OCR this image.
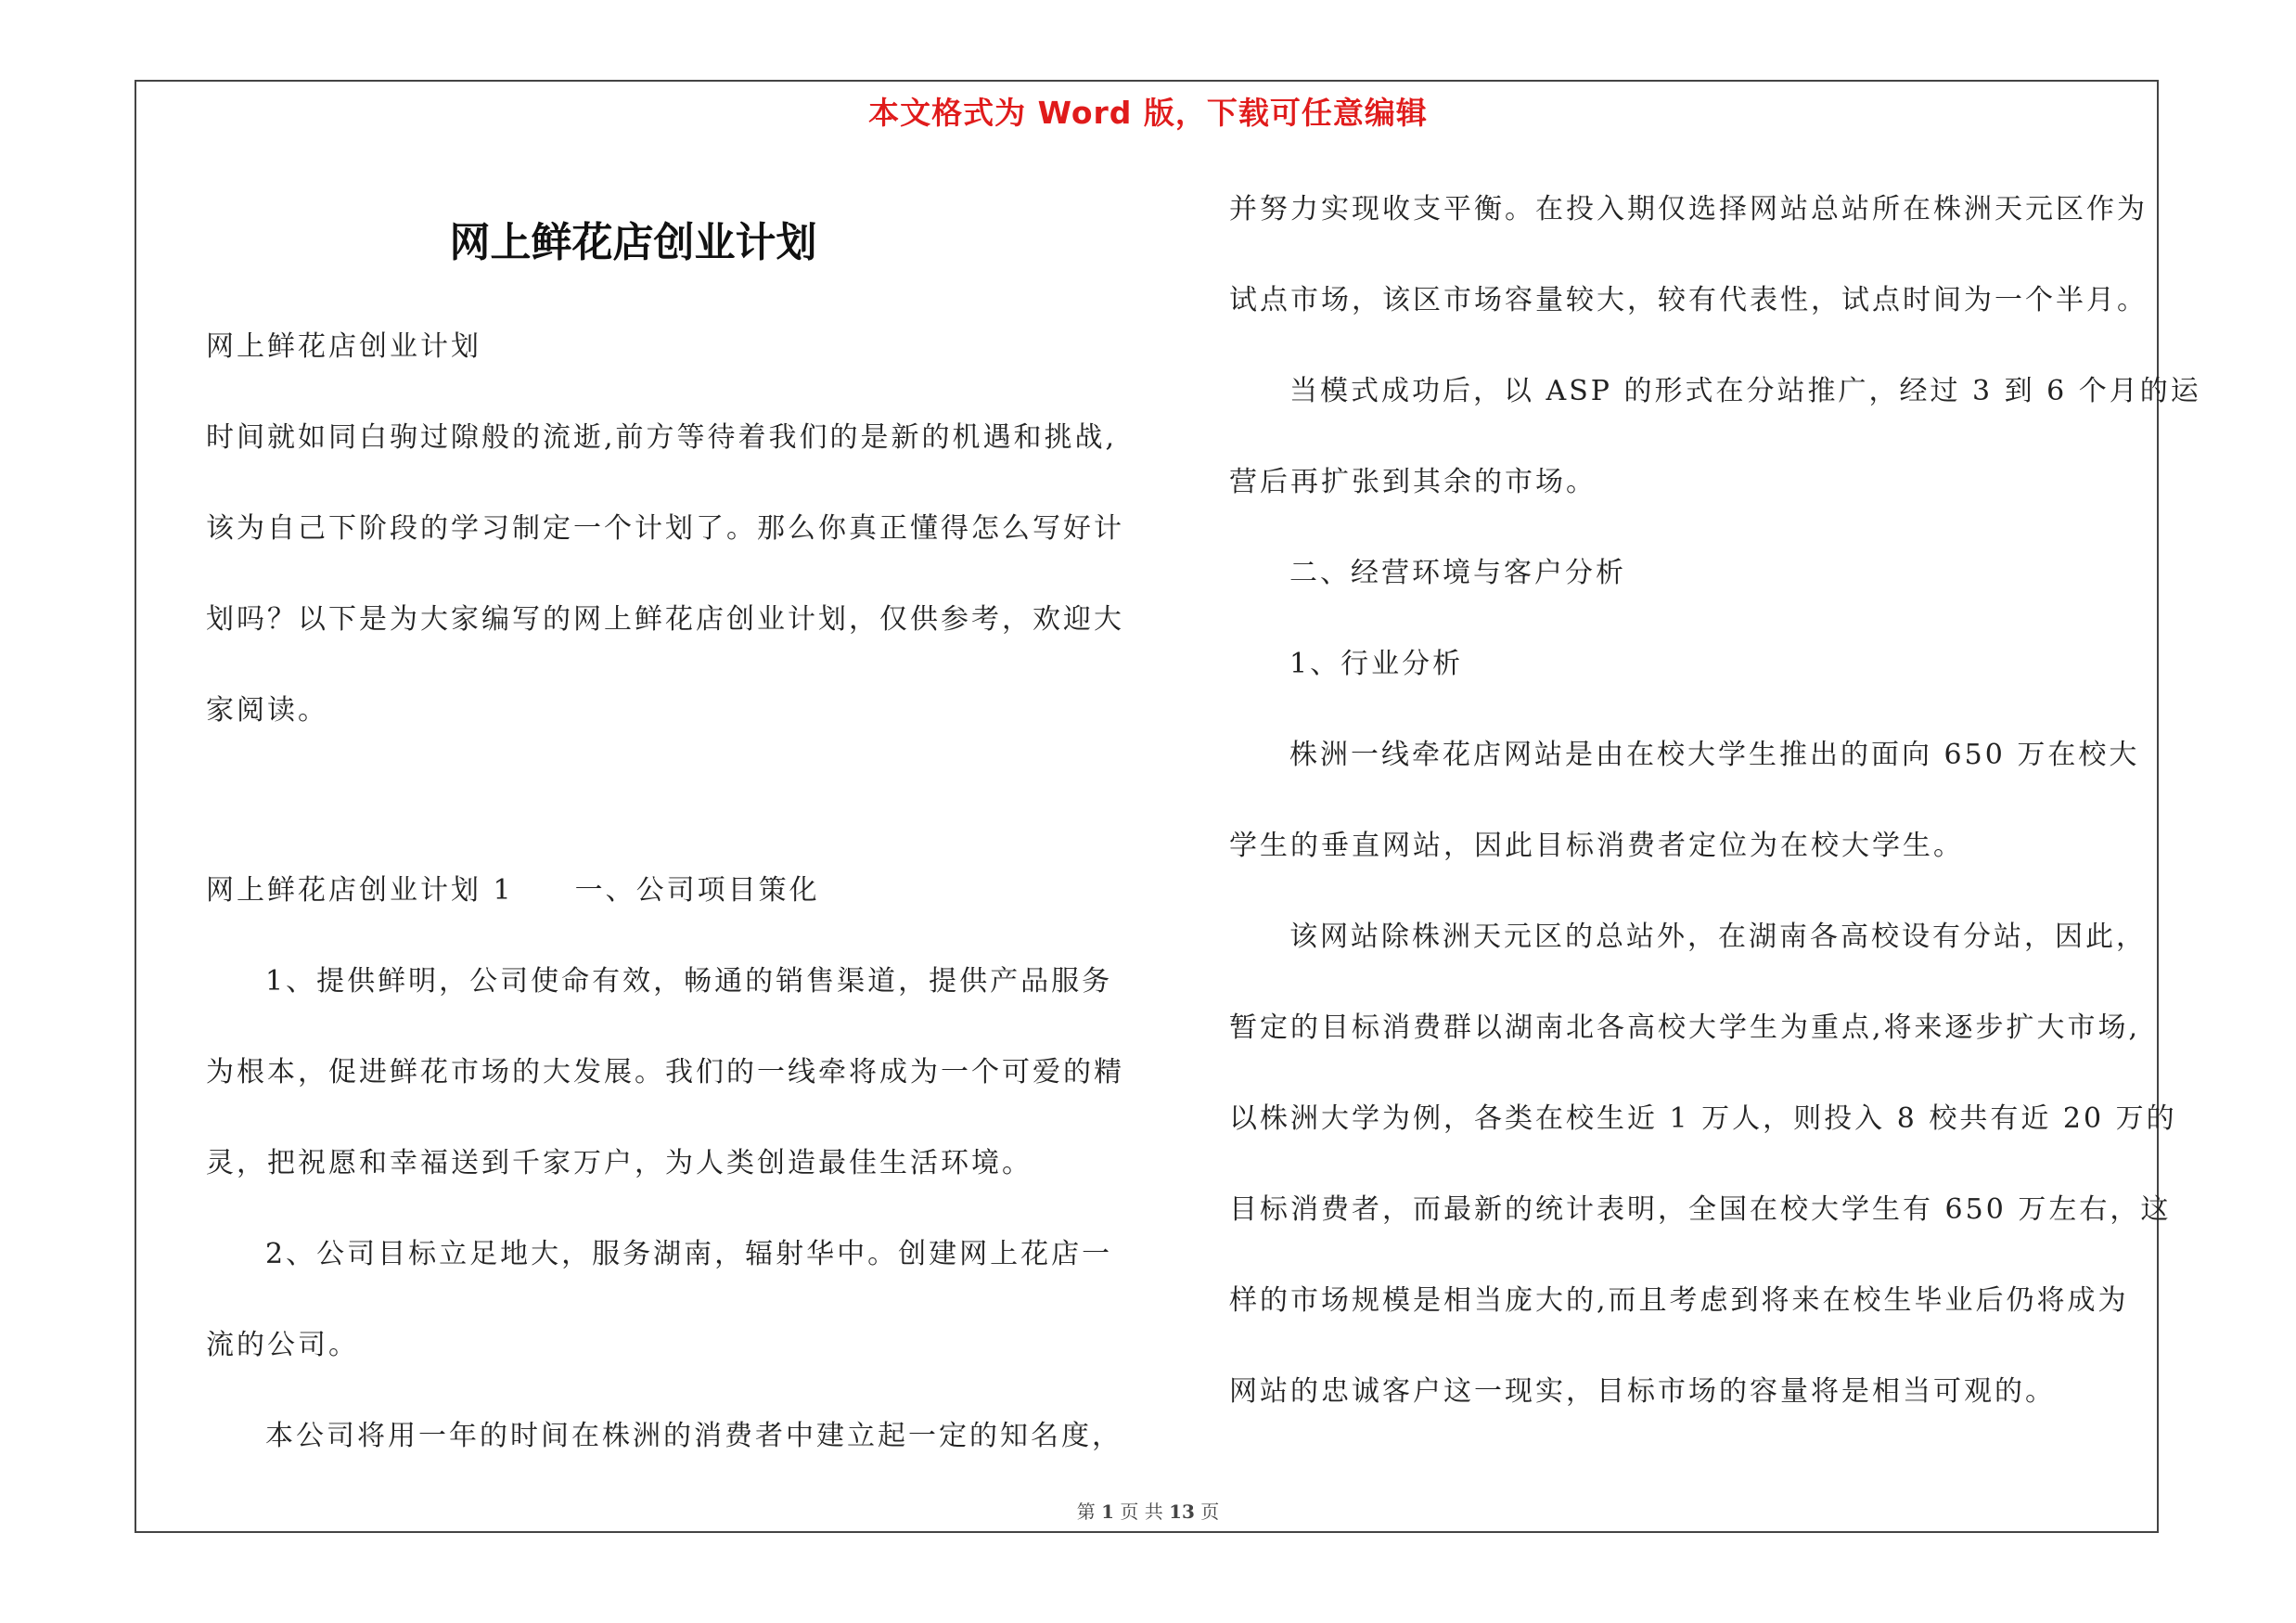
本文格式为 Word 版，下载可任意编辑
网上鲜花店创业计划
网上鲜花店创业计划
时间就如同白驹过隙般的流逝,前方等待着我们的是新的机遇和挑战,
该为自己下阶段的学习制定一个计划了。那么你真正懂得怎么写好计
划吗？以下是为大家编写的网上鲜花店创业计划，仅供参考，欢迎大
家阅读。
网上鲜花店创业计划 1　　一、公司项目策化
1、提供鲜明，公司使命有效，畅通的销售渠道，提供产品服务
为根本，促进鲜花市场的大发展。我们的一线牵将成为一个可爱的精
灵，把祝愿和幸福送到千家万户，为人类创造最佳生活环境。
2、公司目标立足地大，服务湖南，辐射华中。创建网上花店一
流的公司。
本公司将用一年的时间在株洲的消费者中建立起一定的知名度，
并努力实现收支平衡。在投入期仅选择网站总站所在株洲天元区作为
试点市场，该区市场容量较大，较有代表性，试点时间为一个半月。
当模式成功后，以 ASP 的形式在分站推广，经过 3 到 6 个月的运
营后再扩张到其余的市场。
二、经营环境与客户分析
1、行业分析
株洲一线牵花店网站是由在校大学生推出的面向 650 万在校大
学生的垂直网站，因此目标消费者定位为在校大学生。
该网站除株洲天元区的总站外，在湖南各高校设有分站，因此，
暂定的目标消费群以湖南北各高校大学生为重点,将来逐步扩大市场,
以株洲大学为例，各类在校生近 1 万人，则投入 8 校共有近 20 万的
目标消费者，而最新的统计表明，全国在校大学生有 650 万左右，这
样的市场规模是相当庞大的,而且考虑到将来在校生毕业后仍将成为
网站的忠诚客户这一现实，目标市场的容量将是相当可观的。
第 1 页 共 13 页
